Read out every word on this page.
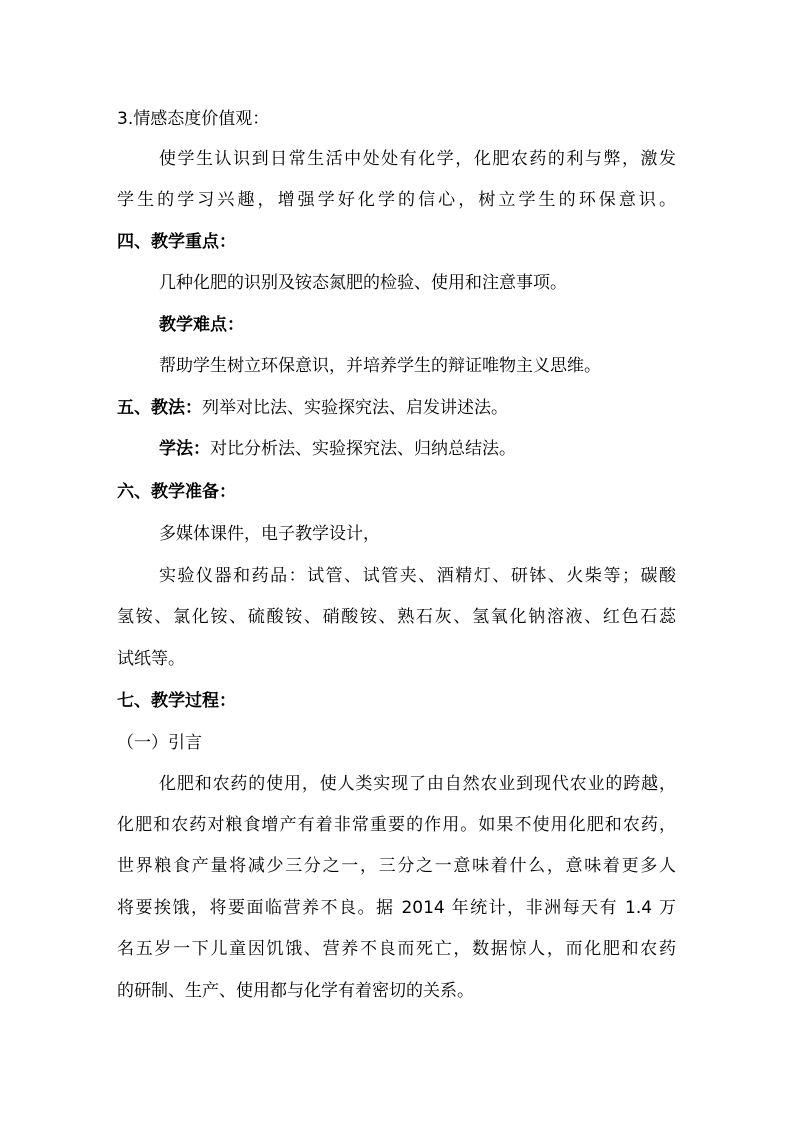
3.情感态度价值观：
使学生认识到日常生活中处处有化学，化肥农药的利与弊，激发
学生的学习兴趣，增强学好化学的信心，树立学生的环保意识。
四、教学重点：
几种化肥的识别及铵态氮肥的检验、使用和注意事项。
教学难点：
帮助学生树立环保意识，并培养学生的辩证唯物主义思维。
五、教法：列举对比法、实验探究法、启发讲述法。
学法：对比分析法、实验探究法、归纳总结法。
六、教学准备：
多媒体课件，电子教学设计，
实验仪器和药品：试管、试管夹、酒精灯、研钵、火柴等；碳酸
氢铵、氯化铵、硫酸铵、硝酸铵、熟石灰、氢氧化钠溶液、红色石蕊
试纸等。
七、教学过程：
（一）引言
化肥和农药的使用，使人类实现了由自然农业到现代农业的跨越，
化肥和农药对粮食增产有着非常重要的作用。如果不使用化肥和农药，
世界粮食产量将减少三分之一，三分之一意味着什么，意味着更多人
将要挨饿，将要面临营养不良。据 2014 年统计，非洲每天有 1.4 万
名五岁一下儿童因饥饿、营养不良而死亡，数据惊人，而化肥和农药
的研制、生产、使用都与化学有着密切的关系。
